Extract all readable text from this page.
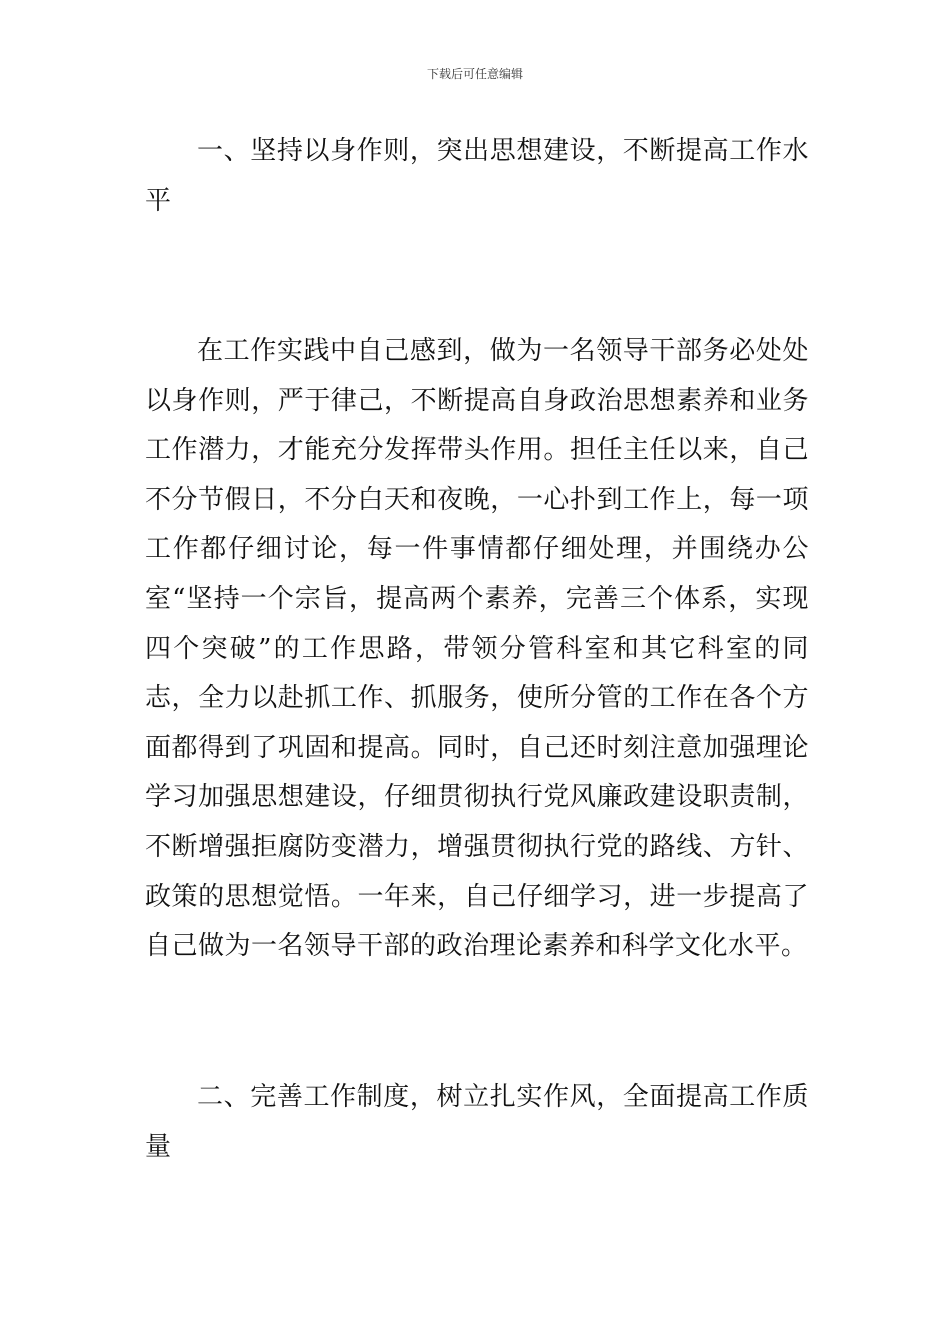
下载后可任意编辑

一、坚持以身作则，突出思想建设，不断提高工作水平

在工作实践中自己感到，做为一名领导干部务必处处以身作则，严于律己，不断提高自身政治思想素养和业务工作潜力，才能充分发挥带头作用。担任主任以来，自己不分节假日，不分白天和夜晚，一心扑到工作上，每一项工作都仔细讨论，每一件事情都仔细处理，并围绕办公室“坚持一个宗旨，提高两个素养，完善三个体系，实现四个突破”的工作思路，带领分管科室和其它科室的同志，全力以赴抓工作、抓服务，使所分管的工作在各个方面都得到了巩固和提高。同时，自己还时刻注意加强理论学习加强思想建设，仔细贯彻执行党风廉政建设职责制，不断增强拒腐防变潜力，增强贯彻执行党的路线、方针、政策的思想觉悟。一年来，自己仔细学习，进一步提高了自己做为一名领导干部的政治理论素养和科学文化水平。

二、完善工作制度，树立扎实作风，全面提高工作质量
